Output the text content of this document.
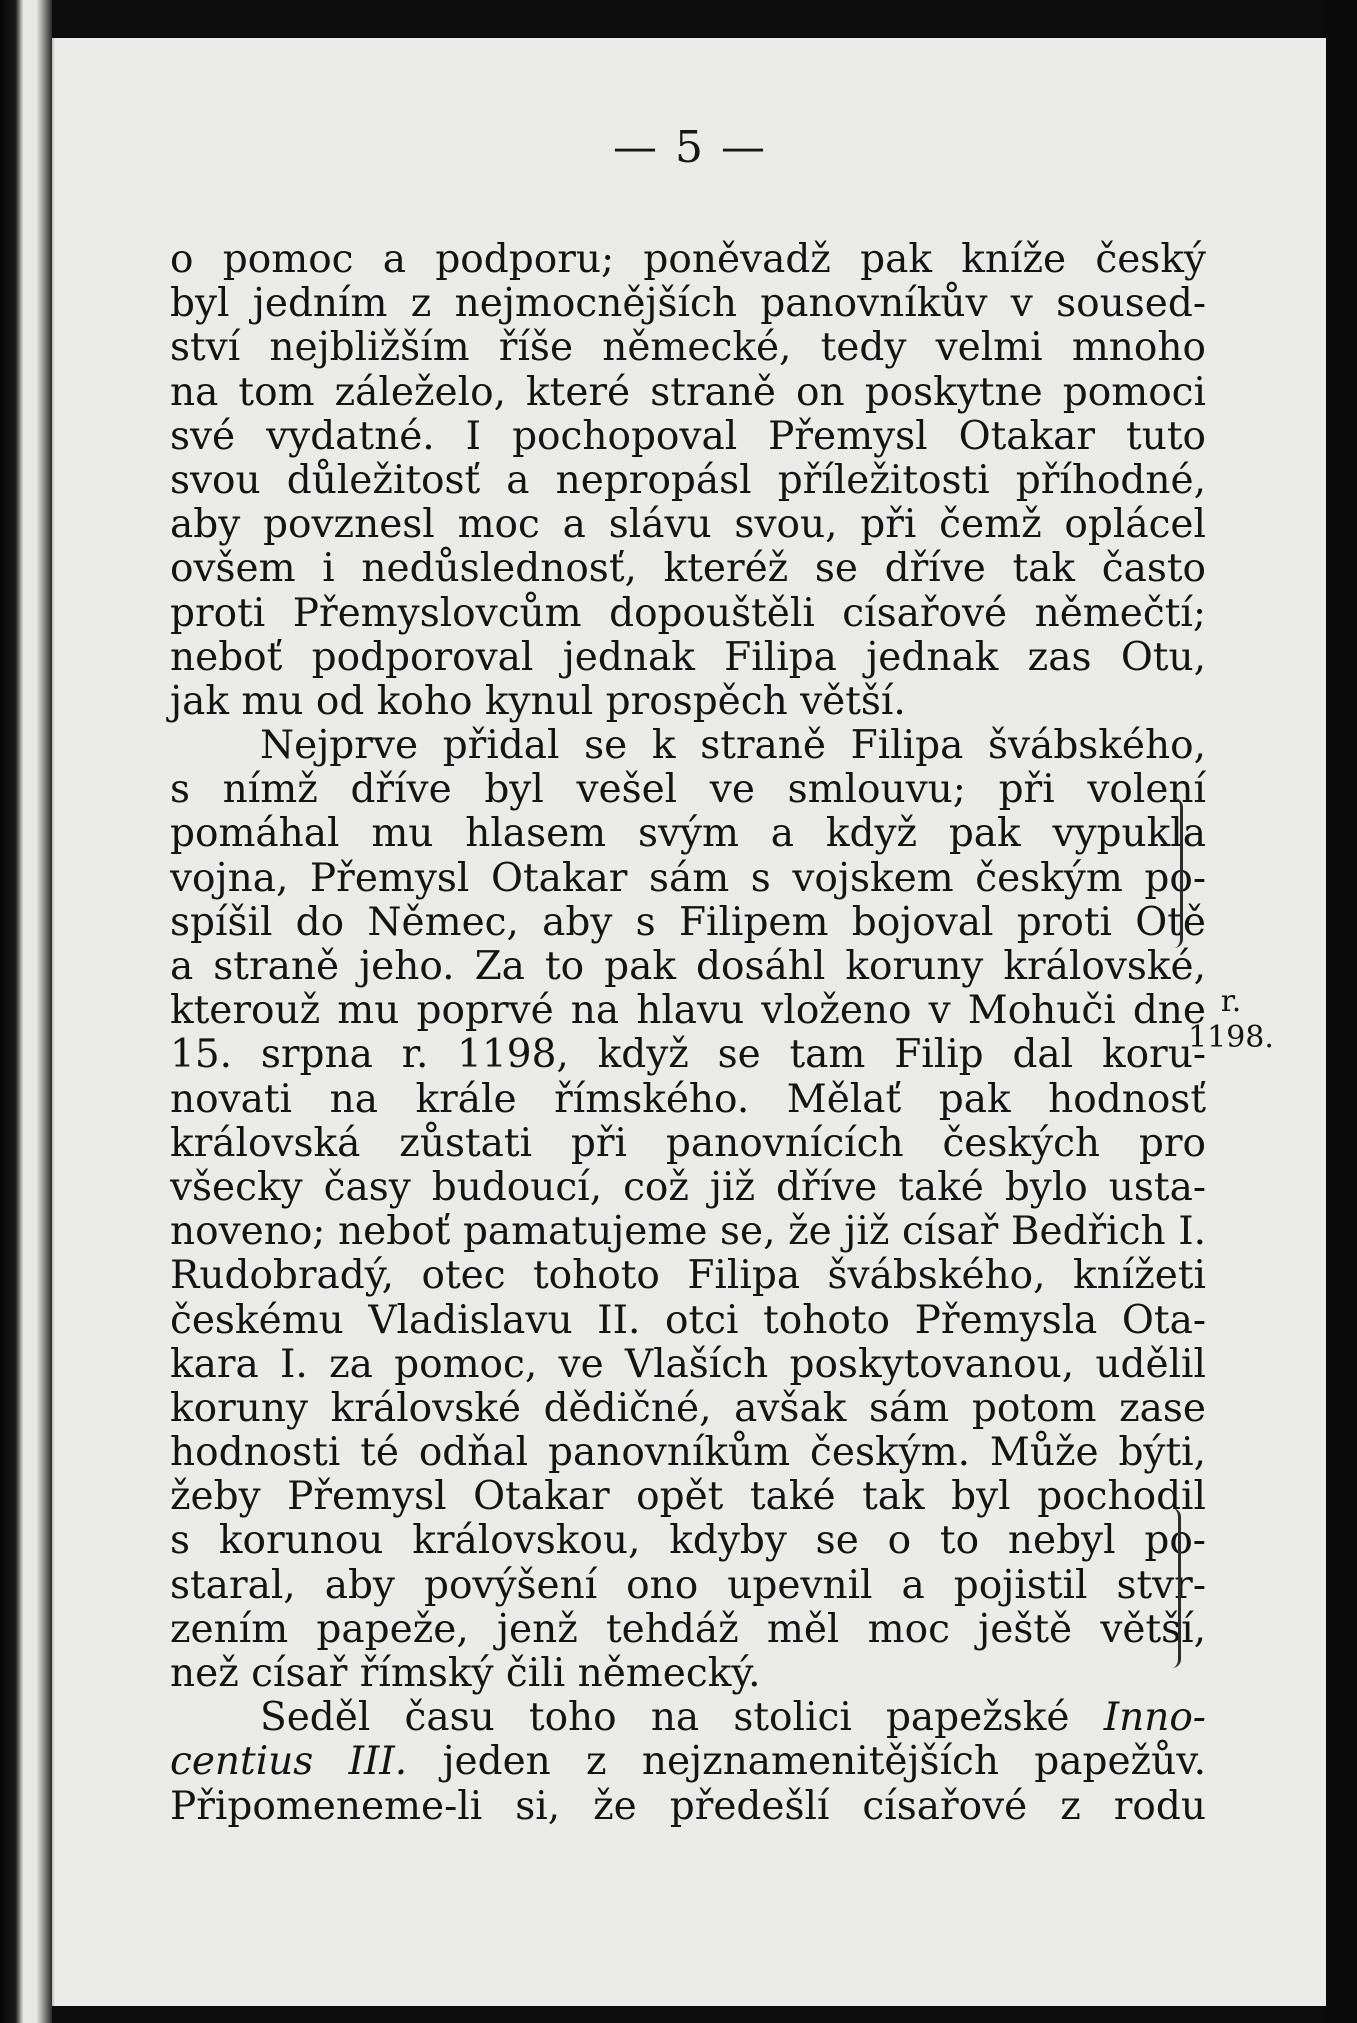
— 5 —
o pomoc a podporu; poněvadž pak kníže český
byl jedním z nejmocnějších panovníkův v soused-
ství nejbližším říše německé, tedy velmi mnoho
na tom záleželo, které straně on poskytne pomoci
své vydatné. I pochopoval Přemysl Otakar tuto
svou důležitosť a nepropásl příležitosti příhodné,
aby povznesl moc a slávu svou, při čemž oplácel
ovšem i nedůslednosť, kteréž se dříve tak často
proti Přemyslovcům dopouštěli císařové němečtí;
neboť podporoval jednak Filipa jednak zas Otu,
jak mu od koho kynul prospěch větší.
Nejprve přidal se k straně Filipa švábského,
s nímž dříve byl vešel ve smlouvu; při volení
pomáhal mu hlasem svým a když pak vypukla
vojna, Přemysl Otakar sám s vojskem českým po-
spíšil do Němec, aby s Filipem bojoval proti Otě
a straně jeho. Za to pak dosáhl koruny královské,
kterouž mu poprvé na hlavu vloženo v Mohuči dne
15. srpna r. 1198, když se tam Filip dal koru-
novati na krále římského. Mělať pak hodnosť
královská zůstati při panovnících českých pro
všecky časy budoucí, což již dříve také bylo usta-
noveno; neboť pamatujeme se, že již císař Bedřich I.
Rudobradý, otec tohoto Filipa švábského, knížeti
českému Vladislavu II. otci tohoto Přemysla Ota-
kara I. za pomoc, ve Vlaších poskytovanou, udělil
koruny královské dědičné, avšak sám potom zase
hodnosti té odňal panovníkům českým. Může býti,
žeby Přemysl Otakar opět také tak byl pochodil
s korunou královskou, kdyby se o to nebyl po-
staral, aby povýšení ono upevnil a pojistil stvr-
zením papeže, jenž tehdáž měl moc ještě větší,
než císař římský čili německý.
Seděl času toho na stolici papežské Inno-
centius III. jeden z nejznamenitějších papežův.
Připomeneme-li si, že předešlí císařové z rodu
r.
1198.
